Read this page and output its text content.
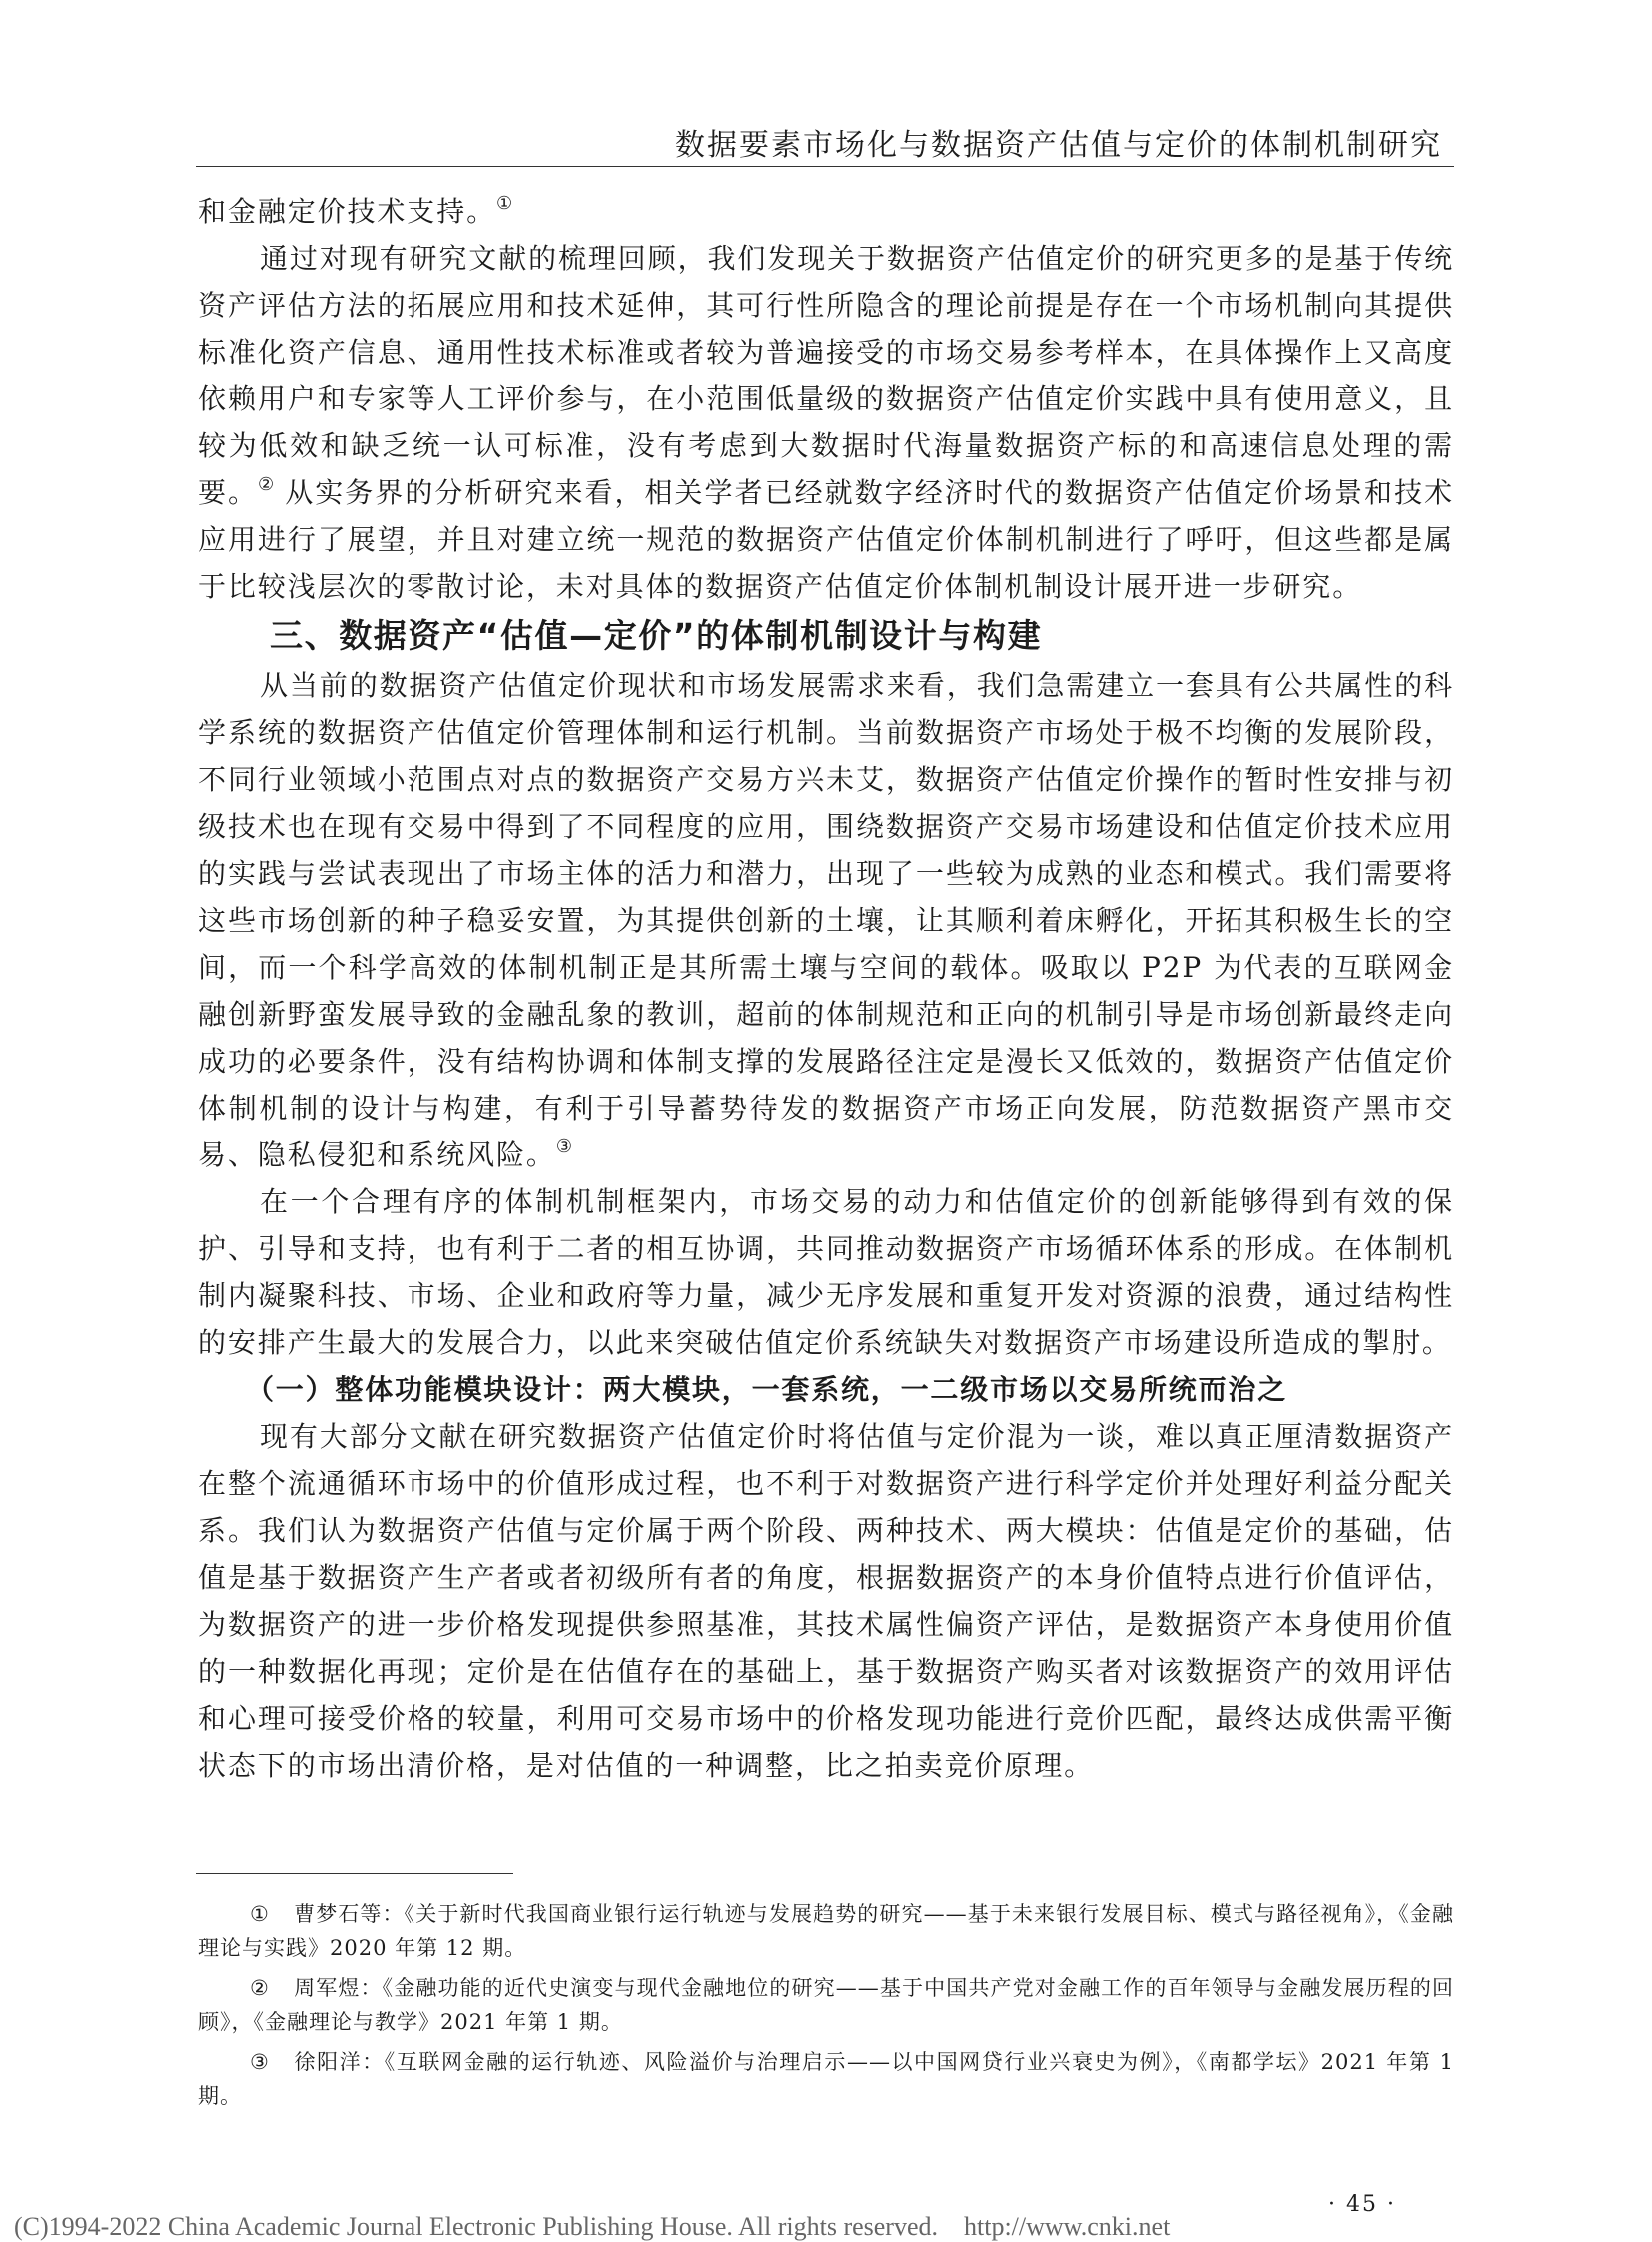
数据要素市场化与数据资产估值与定价的体制机制研究

和金融定价技术支持。①

通过对现有研究文献的梳理回顾，我们发现关于数据资产估值定价的研究更多的是基于传统资产评估方法的拓展应用和技术延伸，其可行性所隐含的理论前提是存在一个市场机制向其提供标准化资产信息、通用性技术标准或者较为普遍接受的市场交易参考样本，在具体操作上又高度依赖用户和专家等人工评价参与，在小范围低量级的数据资产估值定价实践中具有使用意义，且较为低效和缺乏统一认可标准，没有考虑到大数据时代海量数据资产标的和高速信息处理的需要。② 从实务界的分析研究来看，相关学者已经就数字经济时代的数据资产估值定价场景和技术应用进行了展望，并且对建立统一规范的数据资产估值定价体制机制进行了呼吁，但这些都是属于比较浅层次的零散讨论，未对具体的数据资产估值定价体制机制设计展开进一步研究。

三、数据资产“估值—定价”的体制机制设计与构建

从当前的数据资产估值定价现状和市场发展需求来看，我们急需建立一套具有公共属性的科学系统的数据资产估值定价管理体制和运行机制。当前数据资产市场处于极不均衡的发展阶段，不同行业领域小范围点对点的数据资产交易方兴未艾，数据资产估值定价操作的暂时性安排与初级技术也在现有交易中得到了不同程度的应用，围绕数据资产交易市场建设和估值定价技术应用的实践与尝试表现出了市场主体的活力和潜力，出现了一些较为成熟的业态和模式。我们需要将这些市场创新的种子稳妥安置，为其提供创新的土壤，让其顺利着床孵化，开拓其积极生长的空间，而一个科学高效的体制机制正是其所需土壤与空间的载体。吸取以 P2P 为代表的互联网金融创新野蛮发展导致的金融乱象的教训，超前的体制规范和正向的机制引导是市场创新最终走向成功的必要条件，没有结构协调和体制支撑的发展路径注定是漫长又低效的，数据资产估值定价体制机制的设计与构建，有利于引导蓄势待发的数据资产市场正向发展，防范数据资产黑市交易、隐私侵犯和系统风险。③

在一个合理有序的体制机制框架内，市场交易的动力和估值定价的创新能够得到有效的保护、引导和支持，也有利于二者的相互协调，共同推动数据资产市场循环体系的形成。在体制机制内凝聚科技、市场、企业和政府等力量，减少无序发展和重复开发对资源的浪费，通过结构性的安排产生最大的发展合力，以此来突破估值定价系统缺失对数据资产市场建设所造成的掣肘。

（一）整体功能模块设计：两大模块，一套系统，一二级市场以交易所统而治之

现有大部分文献在研究数据资产估值定价时将估值与定价混为一谈，难以真正厘清数据资产在整个流通循环市场中的价值形成过程，也不利于对数据资产进行科学定价并处理好利益分配关系。我们认为数据资产估值与定价属于两个阶段、两种技术、两大模块：估值是定价的基础，估值是基于数据资产生产者或者初级所有者的角度，根据数据资产的本身价值特点进行价值评估，为数据资产的进一步价格发现提供参照基准，其技术属性偏资产评估，是数据资产本身使用价值的一种数据化再现；定价是在估值存在的基础上，基于数据资产购买者对该数据资产的效用评估和心理可接受价格的较量，利用可交易市场中的价格发现功能进行竞价匹配，最终达成供需平衡状态下的市场出清价格，是对估值的一种调整，比之拍卖竞价原理。

① 曹梦石等：《关于新时代我国商业银行运行轨迹与发展趋势的研究——基于未来银行发展目标、模式与路径视角》，《金融理论与实践》2020 年第 12 期。

② 周军煜：《金融功能的近代史演变与现代金融地位的研究——基于中国共产党对金融工作的百年领导与金融发展历程的回顾》，《金融理论与教学》2021 年第 1 期。

③ 徐阳洋：《互联网金融的运行轨迹、风险溢价与治理启示——以中国网贷行业兴衰史为例》，《南都学坛》2021 年第 1 期。

· 45 ·
(C)1994-2022 China Academic Journal Electronic Publishing House. All rights reserved. http://www.cnki.net
